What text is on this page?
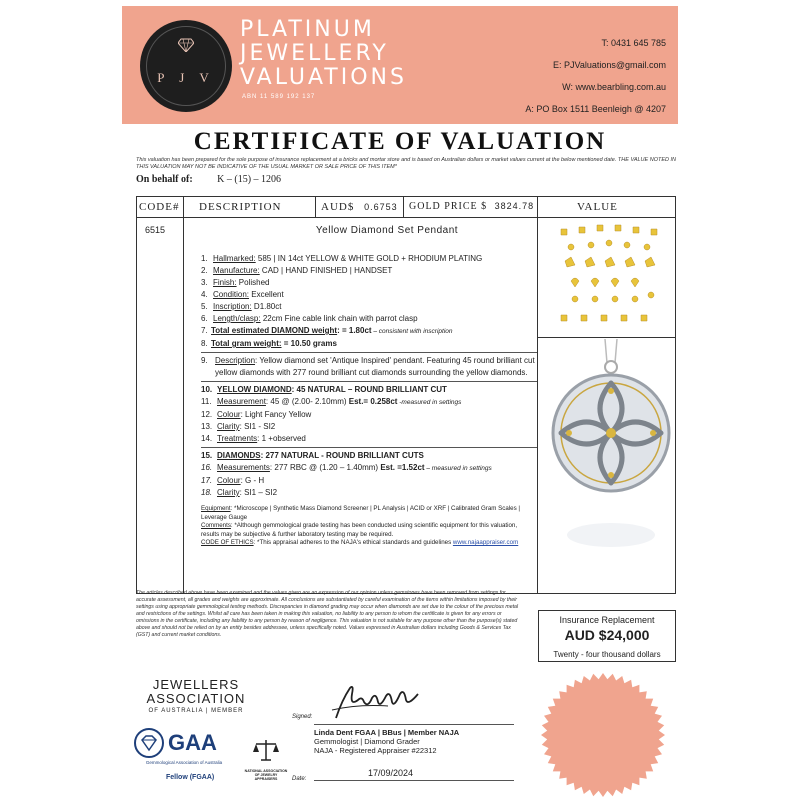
P J V
PLATINUM
JEWELLERY
VALUATIONS
ABN 11 589 192 137
T: 0431 645 785
E: PJValuations@gmail.com
W: www.bearbling.com.au
A: PO Box 1511 Beenleigh @ 4207
CERTIFICATE OF VALUATION
This valuation has been prepared for the sole purpose of insurance replacement at a bricks and mortar store and is based on Australian dollars or market values current at the below mentioned date. THE VALUE NOTED IN THIS VALUATION MAY NOT BE INDICATIVE OF THE USUAL MARKET OR SALE PRICE OF THIS ITEM*
On behalf of: K – (15) – 1206
CODE# DESCRIPTION	AUD$ 0.6753 GOLD PRICE $ 3824.78	VALUE
6515	Yellow Diamond Set Pendant
1. Hallmarked: 585 | IN 14ct YELLOW & WHITE GOLD + RHODIUM PLATING
2. Manufacture: CAD | HAND FINISHED | HANDSET
3. Finish: Polished
4. Condition: Excellent
5. Inscription: D1.80ct
6. Length/clasp: 22cm Fine cable link chain with parrot clasp
7. Total estimated DIAMOND weight: = 1.80ct – consistent with inscription
8. Total gram weight: = 10.50 grams
9. Description: Yellow diamond set 'Antique Inspired' pendant. Featuring 45 round brilliant cut yellow diamonds with 277 round brilliant cut diamonds surrounding the yellow diamonds.
10. YELLOW DIAMOND: 45 NATURAL – ROUND BRILLIANT CUT
11. Measurement: 45 @ (2.00- 2.10mm) Est.= 0.258ct -measured in settings
12. Colour: Light Fancy Yellow
13. Clarity: SI1 - SI2
14. Treatments: 1 +observed
15. DIAMONDS: 277 NATURAL - ROUND BRILLIANT CUTS
16. Measurements: 277 RBC @ (1.20 – 1.40mm) Est. =1.52ct – measured in settings
17. Colour: G - H
18. Clarity: SI1 – SI2
Equipment: *Microscope | Synthetic Mass Diamond Screener | PL Analysis | ACID or XRF | Calibrated Gram Scales | Leverage Gauge
Comments: *Although gemmological grade testing has been conducted using scientific equipment for this valuation, results may be subjective & further laboratory testing may be required.
CODE OF ETHICS: *This appraisal adheres to the NAJA's ethical standards and guidelines www.najaappraiser.com
The articles described above have been examined and the values given are an expression of our opinion unless gemstones have been removed from settings for accurate assessment, all grades and weights are approximate. All conclusions are substantiated by careful examination of the items within limitations imposed by their settings using appropriate gemmological testing methods. Discrepancies in diamond grading may occur when diamonds are set due to the colour of the precious metal and restrictions of the settings. Whilst all care has been taken in making this valuation, no liability to any person to whom the certificate is given for any errors or omissions in the certificate, including any liability to any person by reason of negligence. This valuation is not suitable for any purpose other than the purpose(s) stated above and should not be relied on by an entity besides addressee, unless specifically noted. Values expressed in Australian dollars including Goods & Services Tax (GST) and current market conditions.
Insurance Replacement
AUD $24,000
Twenty - four thousand dollars
JEWELLERS
ASSOCIATION
OF AUSTRALIA | MEMBER
GAA
Gemmological Association of Australia
Fellow (FGAA)
NATIONAL ASSOCIATION OF JEWELRY APPRAISERS
Signed:
Linda Dent FGAA | BBus | Member NAJA
Gemmologist | Diamond Grader
NAJA - Registered Appraiser #22312
Date:
17/09/2024
